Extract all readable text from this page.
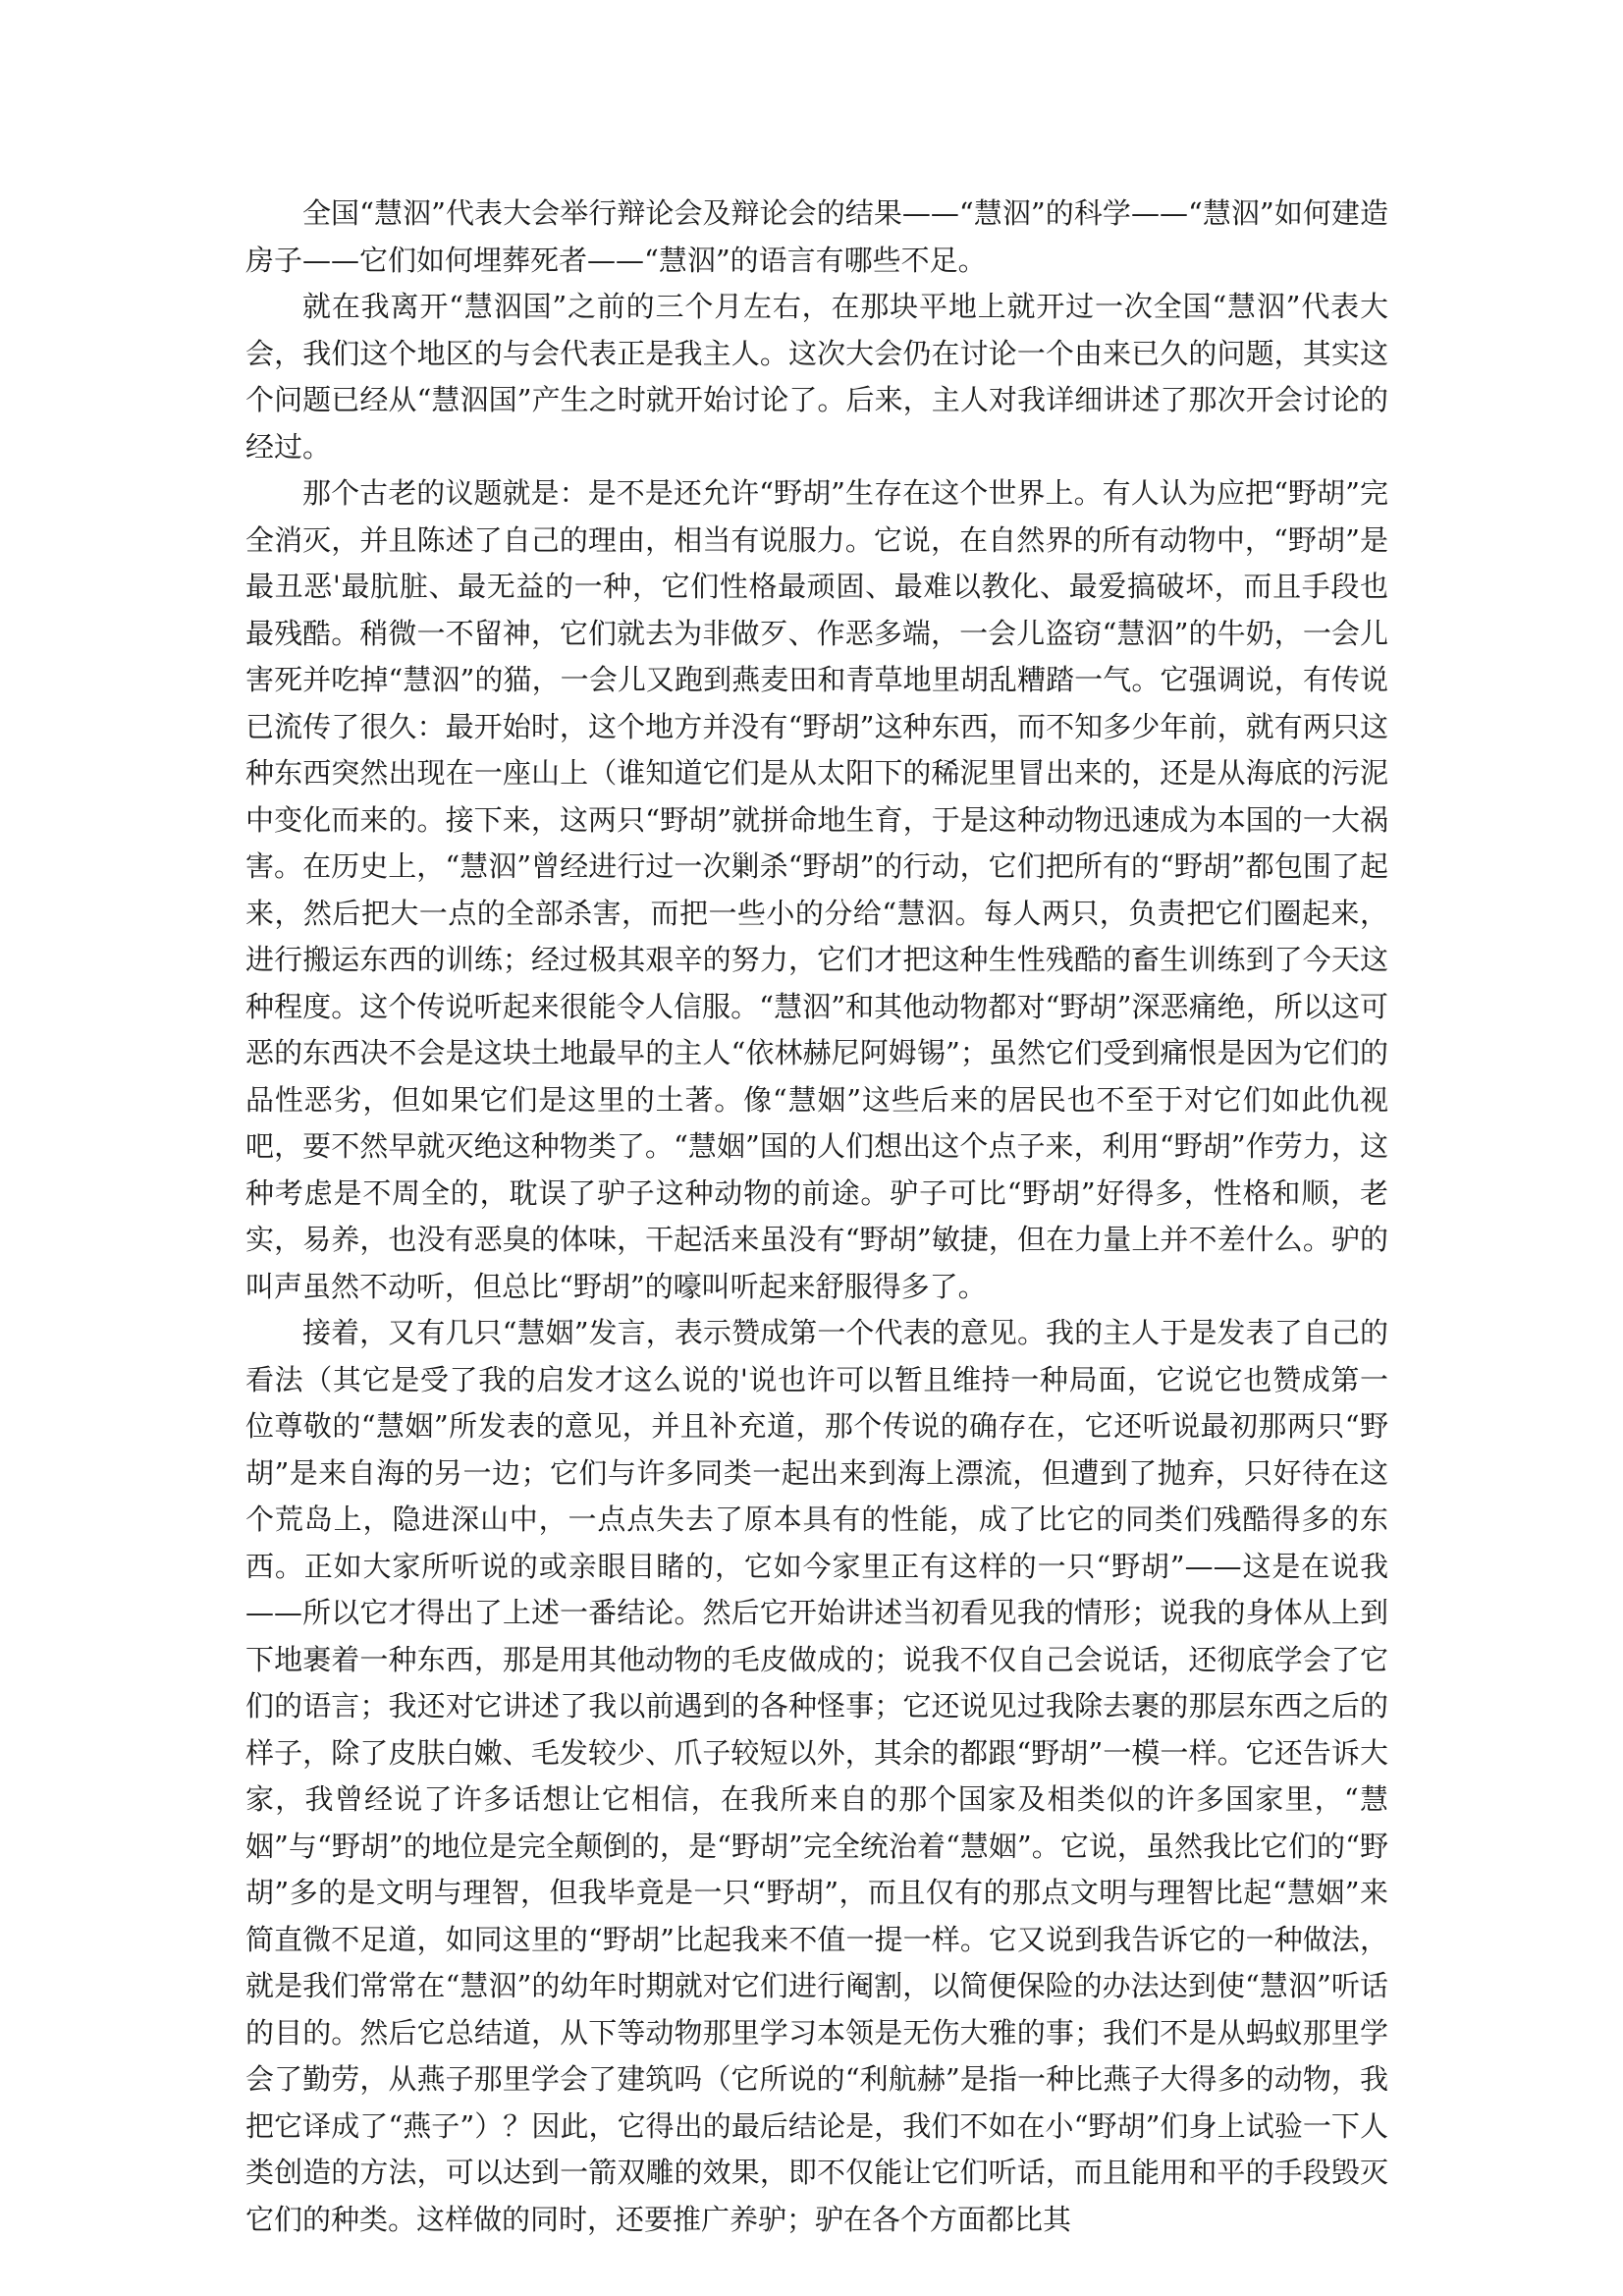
全国“慧泅”代表大会举行辩论会及辩论会的结果——“慧泅”的科学——“慧泅”如何建造房子——它们如何埋葬死者——“慧泅”的语言有哪些不足。

就在我离开“慧泅国”之前的三个月左右，在那块平地上就开过一次全国“慧泅”代表大会，我们这个地区的与会代表正是我主人。这次大会仍在讨论一个由来已久的问题，其实这个问题已经从“慧泅国”产生之时就开始讨论了。后来，主人对我详细讲述了那次开会讨论的经过。

那个古老的议题就是：是不是还允许“野胡”生存在这个世界上。有人认为应把“野胡”完全消灭，并且陈述了自己的理由，相当有说服力。它说，在自然界的所有动物中，“野胡”是最丑恶'最肮脏、最无益的一种，它们性格最顽固、最难以教化、最爱搞破坏，而且手段也最残酷。稍微一不留神，它们就去为非做歹、作恶多端，一会儿盗窃“慧泅”的牛奶，一会儿害死并吃掉“慧泅”的猫，一会儿又跑到燕麦田和青草地里胡乱糟踏一气。它强调说，有传说已流传了很久：最开始时，这个地方并没有“野胡”这种东西，而不知多少年前，就有两只这种东西突然出现在一座山上（谁知道它们是从太阳下的稀泥里冒出来的，还是从海底的污泥中变化而来的。接下来，这两只“野胡”就拼命地生育，于是这种动物迅速成为本国的一大祸害。在历史上，“慧泅”曾经进行过一次剿杀“野胡”的行动，它们把所有的“野胡”都包围了起来，然后把大一点的全部杀害，而把一些小的分给“慧泅。每人两只，负责把它们圈起来，进行搬运东西的训练；经过极其艰辛的努力，它们才把这种生性残酷的畜生训练到了今天这种程度。这个传说听起来很能令人信服。“慧泅”和其他动物都对“野胡”深恶痛绝，所以这可恶的东西决不会是这块土地最早的主人“依林赫尼阿姆锡”；虽然它们受到痛恨是因为它们的品性恶劣，但如果它们是这里的土著。像“慧姻”这些后来的居民也不至于对它们如此仇视吧，要不然早就灭绝这种物类了。“慧姻”国的人们想出这个点子来，利用“野胡”作劳力，这种考虑是不周全的，耽误了驴子这种动物的前途。驴子可比“野胡”好得多，性格和顺，老实，易养，也没有恶臭的体味，干起活来虽没有“野胡”敏捷，但在力量上并不差什么。驴的叫声虽然不动听，但总比“野胡”的嚎叫听起来舒服得多了。

接着，又有几只“慧姻”发言，表示赞成第一个代表的意见。我的主人于是发表了自己的看法（其它是受了我的启发才这么说的'说也许可以暂且维持一种局面，它说它也赞成第一位尊敬的“慧姻”所发表的意见，并且补充道，那个传说的确存在，它还听说最初那两只“野胡”是来自海的另一边；它们与许多同类一起出来到海上漂流，但遭到了抛弃，只好待在这个荒岛上，隐进深山中，一点点失去了原本具有的性能，成了比它的同类们残酷得多的东西。正如大家所听说的或亲眼目睹的，它如今家里正有这样的一只“野胡”——这是在说我——所以它才得出了上述一番结论。然后它开始讲述当初看见我的情形；说我的身体从上到下地裹着一种东西，那是用其他动物的毛皮做成的；说我不仅自己会说话，还彻底学会了它们的语言；我还对它讲述了我以前遇到的各种怪事；它还说见过我除去裹的那层东西之后的样子，除了皮肤白嫩、毛发较少、爪子较短以外，其余的都跟“野胡”一模一样。它还告诉大家，我曾经说了许多话想让它相信，在我所来自的那个国家及相类似的许多国家里，“慧姻”与“野胡”的地位是完全颠倒的，是“野胡”完全统治着“慧姻”。它说，虽然我比它们的“野胡”多的是文明与理智，但我毕竟是一只“野胡”，而且仅有的那点文明与理智比起“慧姻”来简直微不足道，如同这里的“野胡”比起我来不值一提一样。它又说到我告诉它的一种做法，就是我们常常在“慧泅”的幼年时期就对它们进行阉割，以简便保险的办法达到使“慧泅”听话的目的。然后它总结道，从下等动物那里学习本领是无伤大雅的事；我们不是从蚂蚁那里学会了勤劳，从燕子那里学会了建筑吗（它所说的“利航赫”是指一种比燕子大得多的动物，我把它译成了“燕子”）？因此，它得出的最后结论是，我们不如在小“野胡”们身上试验一下人类创造的方法，可以达到一箭双雕的效果，即不仅能让它们听话，而且能用和平的手段毁灭它们的种类。这样做的同时，还要推广养驴；驴在各个方面都比其
